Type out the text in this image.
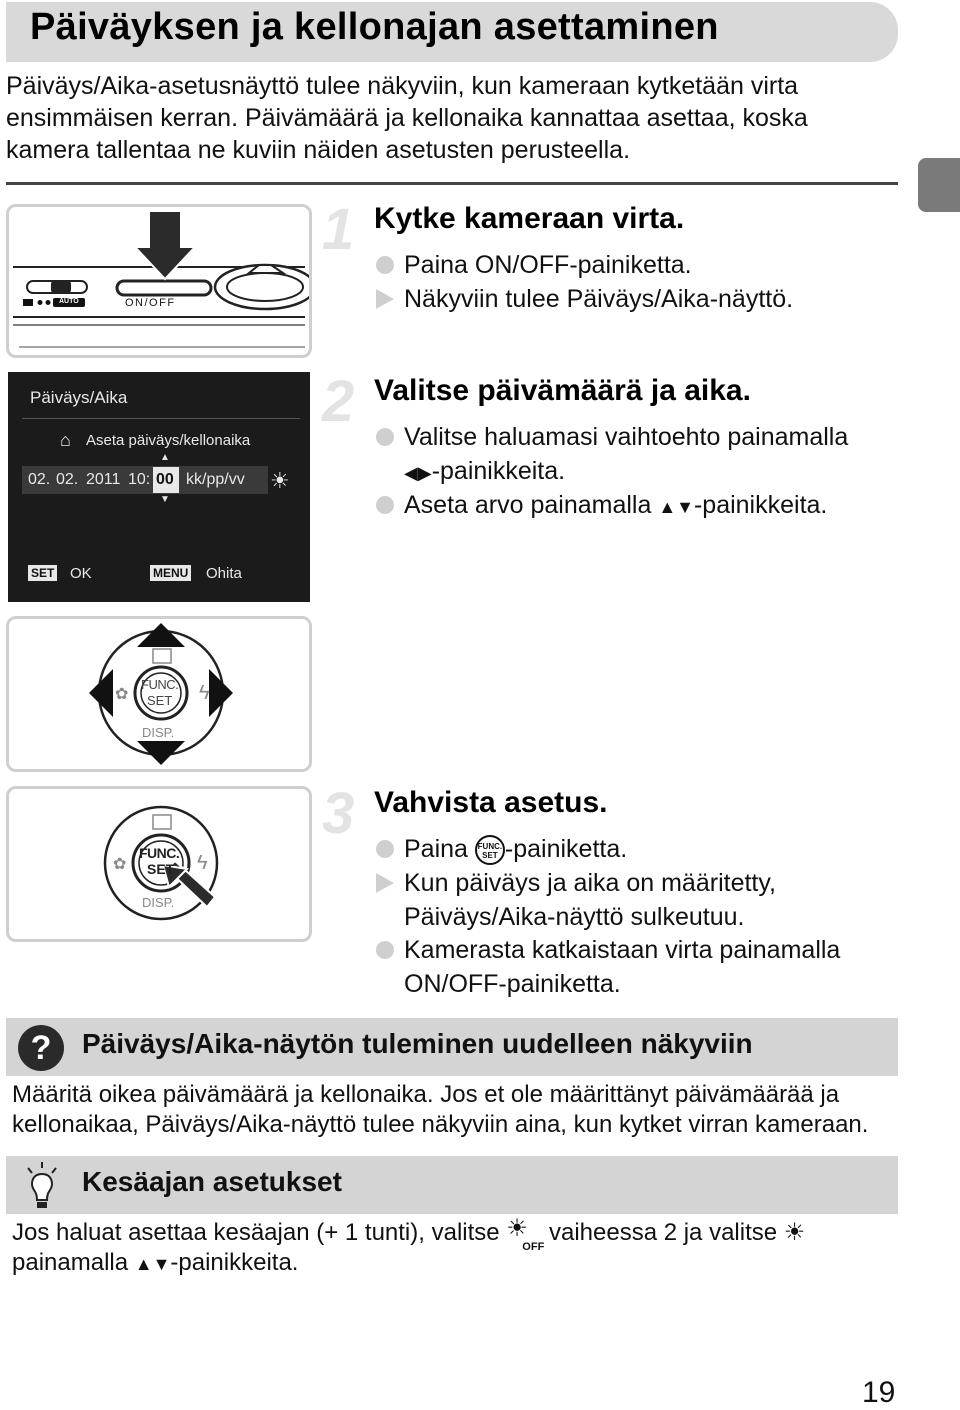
Päiväyksen ja kellonajan asettaminen
Päiväys/Aika-asetusnäyttö tulee näkyviin, kun kameraan kytketään virta ensimmäisen kerran. Päivämäärä ja kellonaika kannattaa asettaa, koska kamera tallentaa ne kuviin näiden asetusten perusteella.
AUTO	ON/OFF
1 Kytke kameraan virta.
Paina ON/OFF-painiketta.
Näkyviin tulee Päiväys/Aika-näyttö.
Päiväys/Aika
⌂ Aseta päiväys/kellonaika
02. 02. 2011 10: 00 kk/pp/vv
▲
▼
☀
SET OK	MENU Ohita
2 Valitse päivämäärä ja aika.
Valitse haluamasi vaihtoehto painamalla
◀▶-painikkeita.
Aseta arvo painamalla ▲▼-painikkeita.
ϟ
✿
FUNC.
SET
DISP.
ϟ
✿
FUNC.
SET
DISP.
3 Vahvista asetus.
Paina FUNC.
SET -painiketta.
Kun päiväys ja aika on määritetty, Päiväys/Aika-näyttö sulkeutuu.
Kamerasta katkaistaan virta painamalla ON/OFF-painiketta.
?	Päiväys/Aika-näytön tuleminen uudelleen näkyviin
Määritä oikea päivämäärä ja kellonaika. Jos et ole määrittänyt päivämäärää ja kellonaikaa, Päiväys/Aika-näyttö tulee näkyviin aina, kun kytket virran kameraan.
Kesäajan asetukset
Jos haluat asettaa kesäajan (+ 1 tunti), valitse ☀
OFF
vaiheessa 2 ja valitse ☀
painamalla ▲▼-painikkeita.
19
